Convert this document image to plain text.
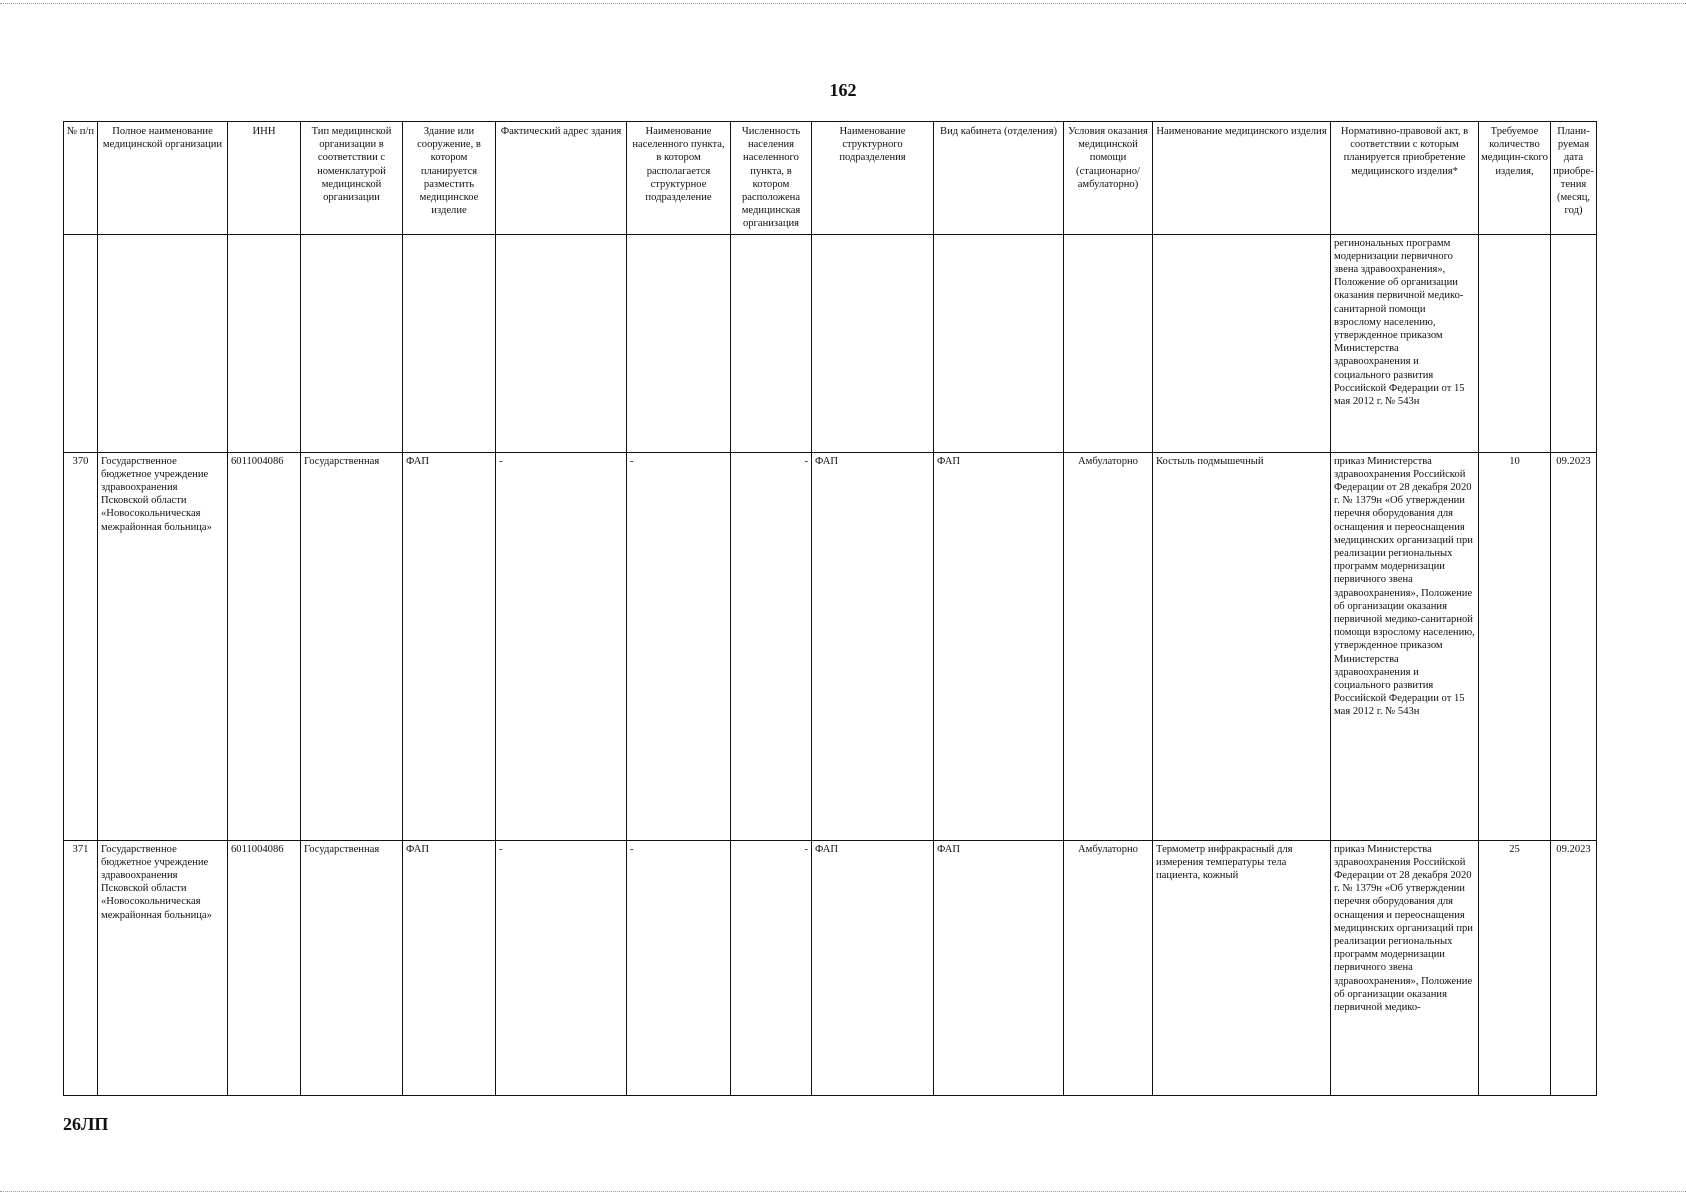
162
№ п/п	Полное наименование медицинской организации	ИНН	Тип медицинской организации в соответствии с номенклатурой медицинской организации	Здание или сооружение, в котором планируется разместить медицинское изделие	Фактический адрес здания	Наименование населенного пункта, в котором располагается структурное подразделение	Численность населения населенного пункта, в котором расположена медицинская организация	Наименование структурного подразделения	Вид кабинета (отделения)	Условия оказания медицинской помощи (стационарно/ амбулаторно)	Наименование медицинского изделия	Нормативно-правовой акт, в соответствии с которым планируется приобретение медицинского изделия*	Требуемое количество медицин-ского изделия,	Плани-руемая дата приобре-тения (месяц, год)
												регинональных программ модернизации первичного звена здравоохранения», Положение об организации оказания первичной медико-санитарной помощи взрослому населению, утвержденное приказом Министерства здравоохранения и социального развития Российской Федерации от 15 мая 2012 г. № 543н		
370	Государственное бюджетное учреждение здравоохранения Псковской области «Новосокольническая межрайонная больница»	6011004086	Государственная	ФАП	-	-	-	ФАП	ФАП	Амбулаторно	Костыль подмышечный	приказ Министерства здравоохранения Российской Федерации от 28 декабря 2020 г. № 1379н «Об утверждении перечня оборудования для оснащения и переоснащения медицинских организаций при реализации региональных программ модернизации первичного звена здравоохранения», Положение об организации оказания первичной медико-санитарной помощи взрослому населению, утвержденное приказом Министерства здравоохранения и социального развития Российской Федерации от 15 мая 2012 г. № 543н	10	09.2023
371	Государственное бюджетное учреждение здравоохранения Псковской области «Новосокольническая межрайонная больница»	6011004086	Государственная	ФАП	-	-	-	ФАП	ФАП	Амбулаторно	Термометр инфракрасный для измерения температуры тела пациента, кожный	приказ Министерства здравоохранения Российской Федерации от 28 декабря 2020 г. № 1379н «Об утверждении перечня оборудования для оснащения и переоснащения медицинских организаций при реализации региональных программ модернизации первичного звена здравоохранения», Положение об организации оказания первичной медико-	25	09.2023
26ЛП
